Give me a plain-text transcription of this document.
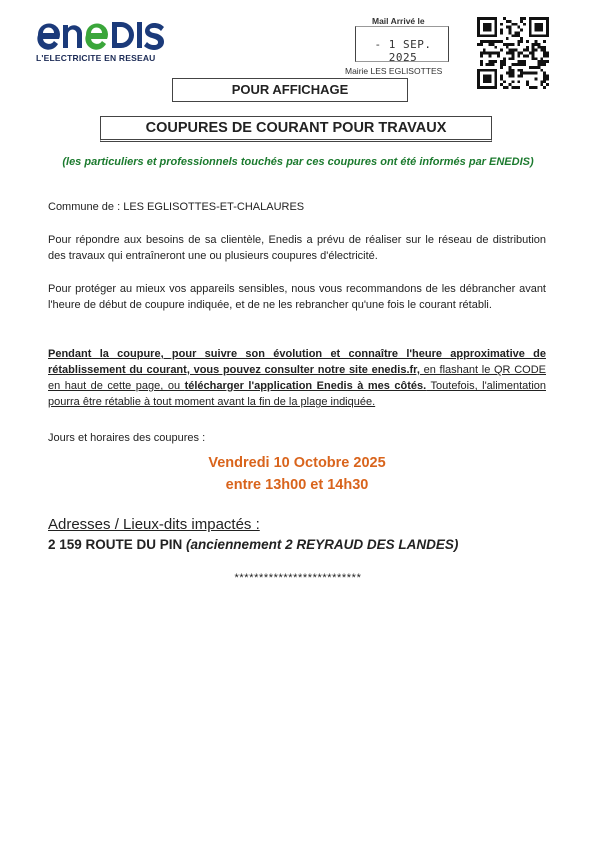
L'ELECTRICITE EN RESEAU
Mail Arrivé le
- 1 SEP. 2025
Mairie LES EGLISOTTES
POUR AFFICHAGE
COUPURES DE COURANT POUR TRAVAUX
(les particuliers et professionnels touchés par ces coupures ont été informés par ENEDIS)
Commune de : LES EGLISOTTES-ET-CHALAURES
Pour répondre aux besoins de sa clientèle, Enedis a prévu de réaliser sur le réseau de distribution des travaux qui entraîneront une ou plusieurs coupures d'électricité.
Pour protéger au mieux vos appareils sensibles, nous vous recommandons de les débrancher avant l'heure de début de coupure indiquée, et de ne les rebrancher qu'une fois le courant rétabli.
Pendant la coupure, pour suivre son évolution et connaître l'heure approximative de rétablissement du courant, vous pouvez consulter notre site enedis.fr, en flashant le QR CODE en haut de cette page, ou télécharger l'application Enedis à mes côtés. Toutefois, l'alimentation pourra être rétablie à tout moment avant la fin de la plage indiquée.
Jours et horaires des coupures :
Vendredi 10 Octobre 2025
entre 13h00 et 14h30
Adresses / Lieux-dits impactés :
2 159 ROUTE DU PIN (anciennement 2 REYRAUD DES LANDES)
**************************
